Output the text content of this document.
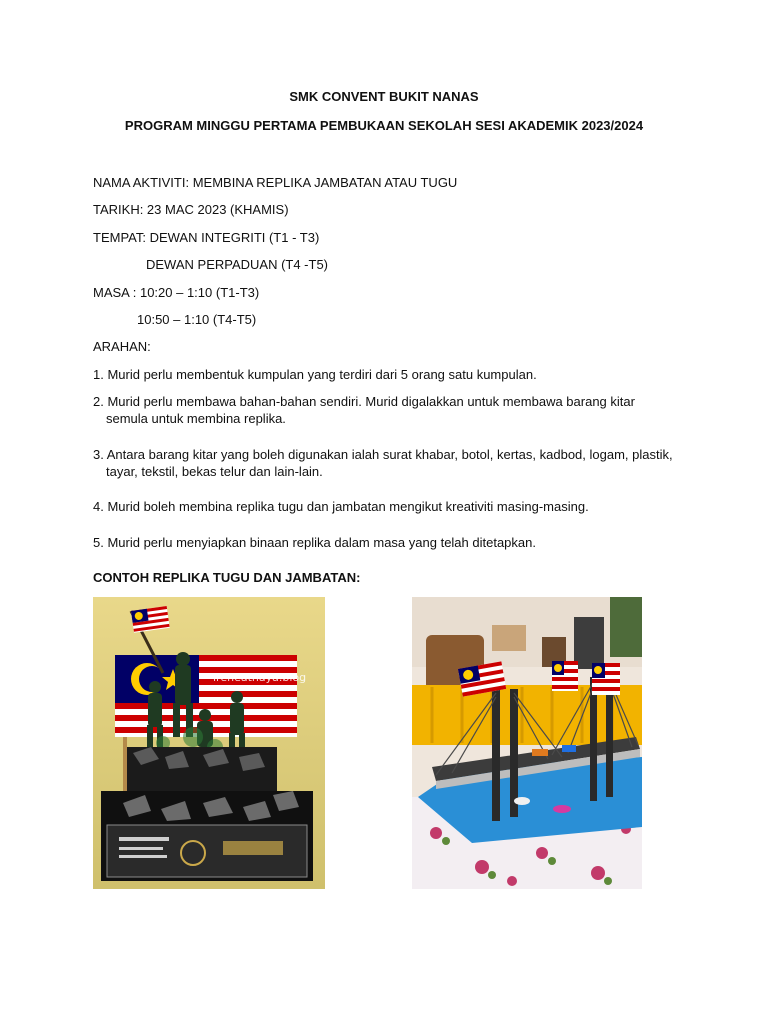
SMK CONVENT BUKIT NANAS
PROGRAM MINGGU PERTAMA PEMBUKAAN SEKOLAH SESI AKADEMIK 2023/2024
NAMA AKTIVITI: MEMBINA REPLIKA JAMBATAN ATAU TUGU
TARIKH: 23 MAC 2023 (KHAMIS)
TEMPAT: DEWAN INTEGRITI (T1 - T3)
DEWAN PERPADUAN (T4 -T5)
MASA : 10:20 – 1:10 (T1-T3)
10:50 – 1:10 (T4-T5)
ARAHAN:
1. Murid perlu membentuk kumpulan yang terdiri dari 5 orang satu kumpulan.
2. Murid perlu membawa bahan-bahan sendiri. Murid digalakkan untuk membawa barang kitar
semula untuk membina replika.
3. Antara barang kitar yang boleh digunakan ialah surat khabar, botol, kertas, kadbod, logam, plastik,
tayar, tekstil, bekas telur dan lain-lain.
4. Murid boleh membina replika tugu dan jambatan mengikut kreativiti masing-masing.
5. Murid perlu menyiapkan binaan replika dalam masa yang telah ditetapkan.
CONTOH REPLIKA TUGU DAN JAMBATAN:
ireneathaya.blog
